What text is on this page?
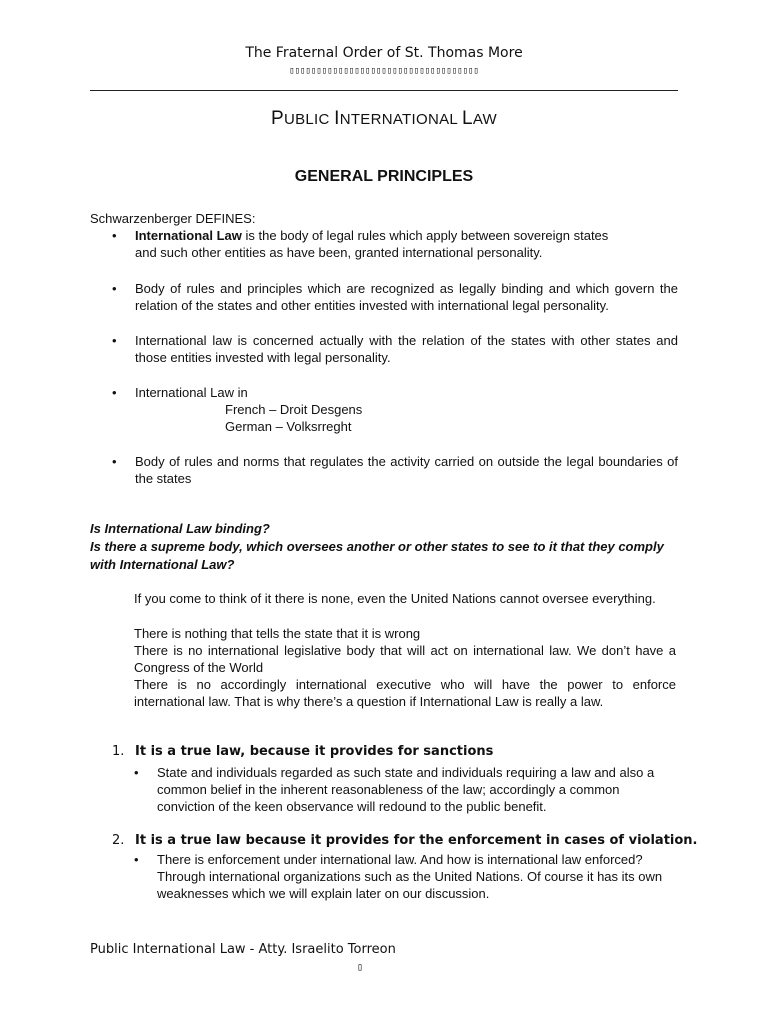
The Fraternal Order of St. Thomas More
▯▯▯▯▯▯▯▯▯▯▯▯▯▯▯▯▯▯▯▯▯▯▯▯▯▯▯▯▯▯▯▯▯▯▯
PUBLIC INTERNATIONAL LAW
GENERAL PRINCIPLES
Schwarzenberger DEFINES:
•	International Law is the body of legal rules which apply between sovereign states
and such other entities as have been, granted international personality.
•	Body of rules and principles which are recognized as legally binding and which govern the relation of the states and other entities invested with international legal personality.
•	International law is concerned actually with the relation of the states with other states and those entities invested with legal personality.
•	International Law in
•	Body of rules and norms that regulates the activity carried on outside the legal boundaries of the states
French – Droit Desgens
German – Volksrreght
Is International Law binding?
Is there a supreme body, which oversees another or other states to see to it that they comply with International Law?
If you come to think of it there is none, even the United Nations cannot oversee everything.
There is nothing that tells the state that it is wrong
There is no international legislative body that will act on international law. We don’t have a Congress of the World
There is no accordingly international executive who will have the power to enforce international law. That is why there’s a question if International Law is really a law.
1. It is a true law, because it provides for sanctions
• State and individuals regarded as such state and individuals requiring a law and also a common belief in the inherent reasonableness of the law; accordingly a common conviction of the keen observance will redound to the public benefit.
2. It is a true law because it provides for the enforcement in cases of violation.
• There is enforcement under international law. And how is international law enforced? Through international organizations such as the United Nations. Of course it has its own weaknesses which we will explain later on our discussion.
Public International Law - Atty. Israelito Torreon
▯
